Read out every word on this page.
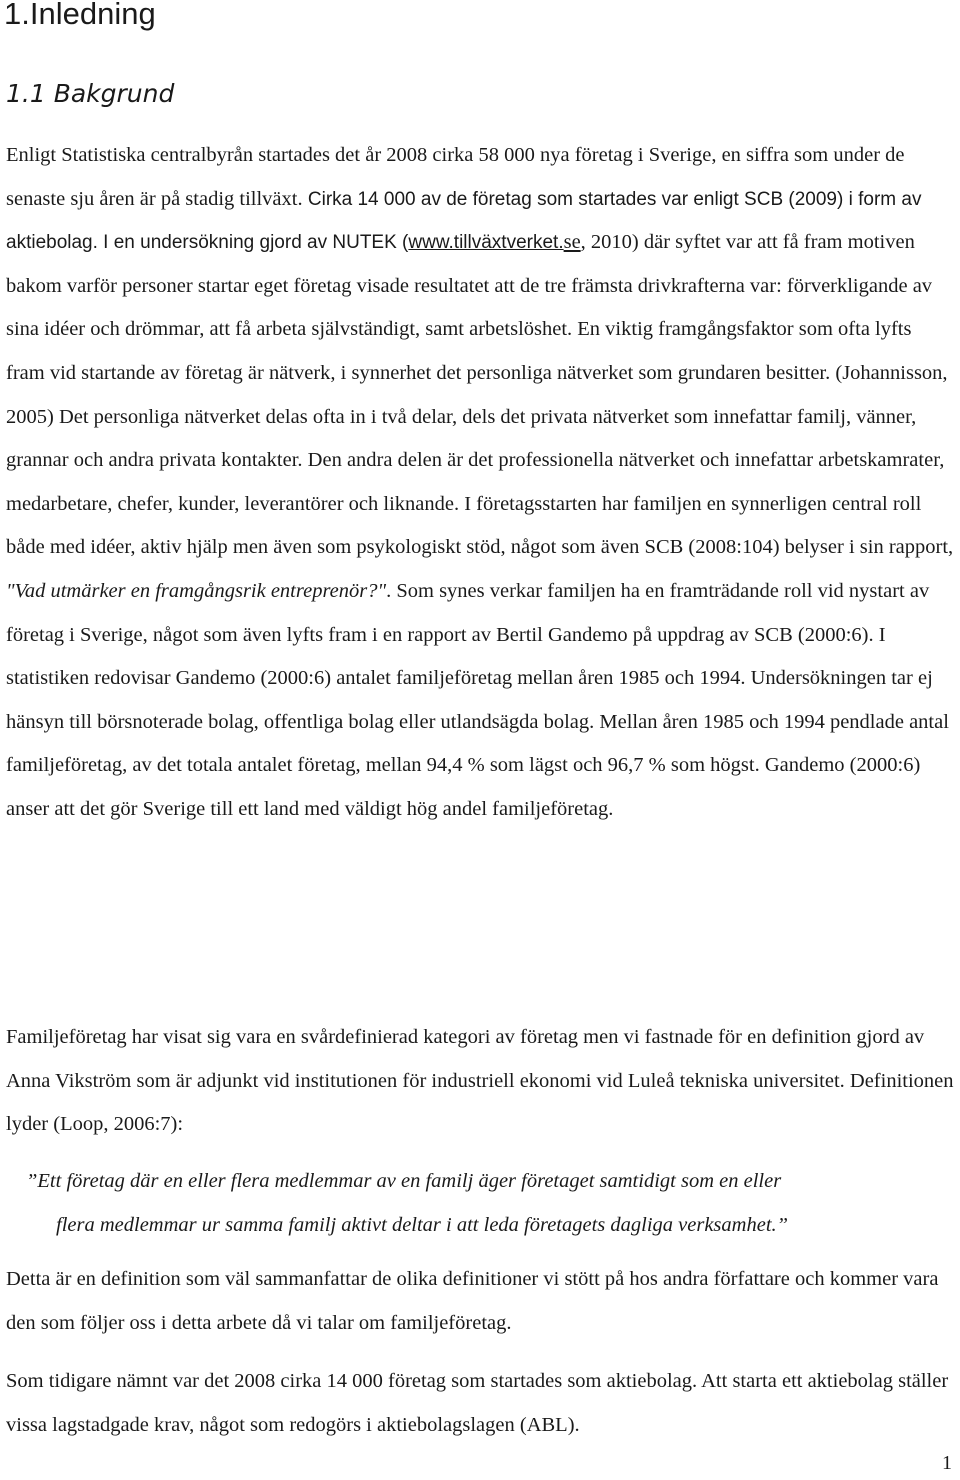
1.Inledning
1.1 Bakgrund

Enligt Statistiska centralbyrån startades det år 2008 cirka 58 000 nya företag i Sverige, en siffra som under de senaste sju åren är på stadig tillväxt. Cirka 14 000 av de företag som startades var enligt SCB (2009) i form av aktiebolag. I en undersökning gjord av NUTEK (www.tillväxtverket.se, 2010) där syftet var att få fram motiven bakom varför personer startar eget företag visade resultatet att de tre främsta drivkrafterna var: förverkligande av sina idéer och drömmar, att få arbeta självständigt, samt arbetslöshet. En viktig framgångsfaktor som ofta lyfts fram vid startande av företag är nätverk, i synnerhet det personliga nätverket som grundaren besitter. (Johannisson, 2005) Det personliga nätverket delas ofta in i två delar, dels det privata nätverket som innefattar familj, vänner, grannar och andra privata kontakter. Den andra delen är det professionella nätverket och innefattar arbetskamrater, medarbetare, chefer, kunder, leverantörer och liknande. I företagsstarten har familjen en synnerligen central roll både med idéer, aktiv hjälp men även som psykologiskt stöd, något som även SCB (2008:104) belyser i sin rapport, "Vad utmärker en framgångsrik entreprenör?". Som synes verkar familjen ha en framträdande roll vid nystart av företag i Sverige, något som även lyfts fram i en rapport av Bertil Gandemo på uppdrag av SCB (2000:6). I statistiken redovisar Gandemo (2000:6) antalet familjeföretag mellan åren 1985 och 1994. Undersökningen tar ej hänsyn till börsnoterade bolag, offentliga bolag eller utlandsägda bolag. Mellan åren 1985 och 1994 pendlade antal familjeföretag, av det totala antalet företag, mellan 94,4 % som lägst och 96,7 % som högst. Gandemo (2000:6) anser att det gör Sverige till ett land med väldigt hög andel familjeföretag.

Familjeföretag har visat sig vara en svårdefinierad kategori av företag men vi fastnade för en definition gjord av Anna Vikström som är adjunkt vid institutionen för industriell ekonomi vid Luleå tekniska universitet. Definitionen lyder (Loop, 2006:7):

”Ett företag där en eller flera medlemmar av en familj äger företaget samtidigt som en eller
flera medlemmar ur samma familj aktivt deltar i att leda företagets dagliga verksamhet.”

Detta är en definition som väl sammanfattar de olika definitioner vi stött på hos andra författare och kommer vara den som följer oss i detta arbete då vi talar om familjeföretag.

Som tidigare nämnt var det 2008 cirka 14 000 företag som startades som aktiebolag. Att starta ett aktiebolag ställer vissa lagstadgade krav, något som redogörs i aktiebolagslagen (ABL).

1
